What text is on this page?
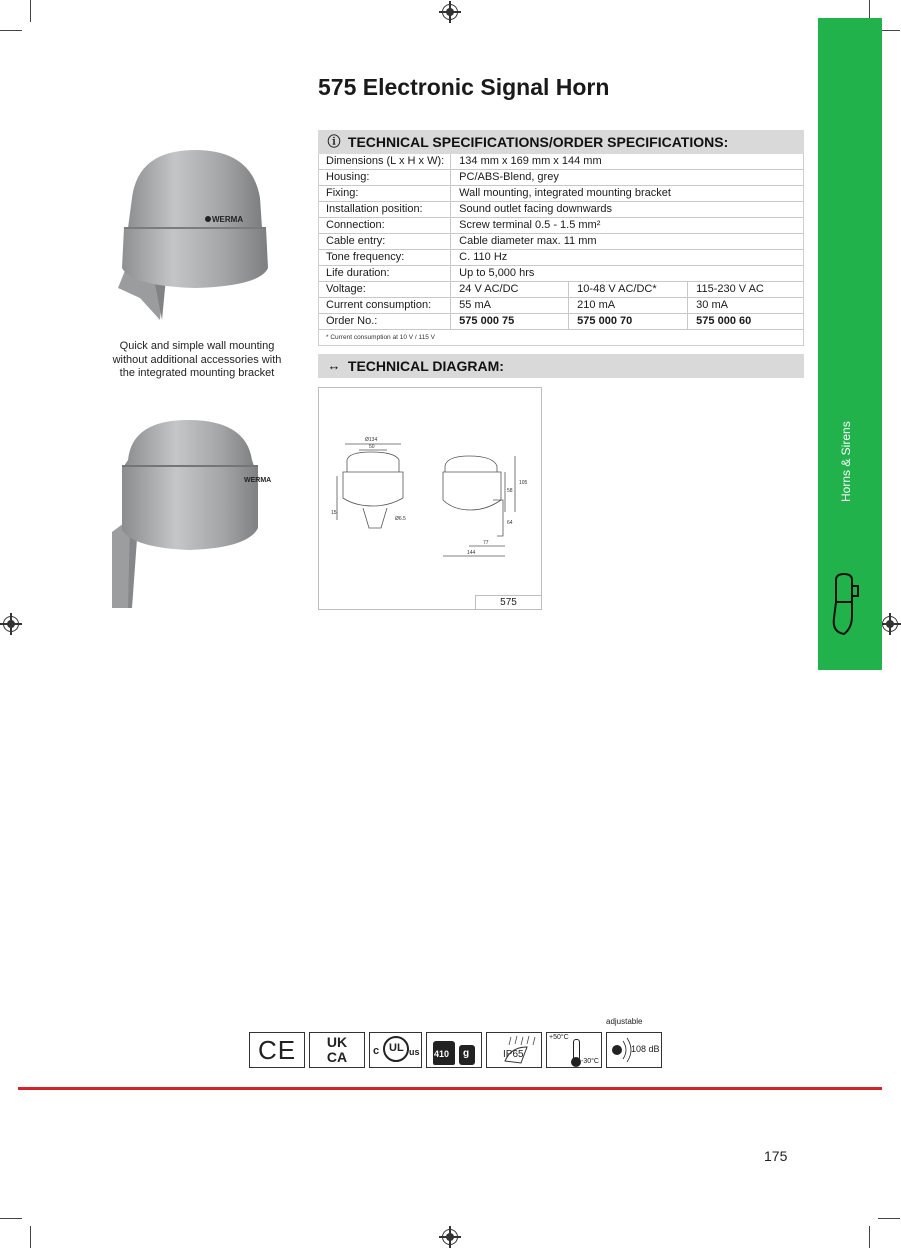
575 Electronic Signal Horn
WERMA
Quick and simple wall mounting
without additional accessories with
the integrated mounting bracket
WERMA
ⓘ TECHNICAL SPECIFICATIONS/ORDER SPECIFICATIONS:
Dimensions (L x H x W):	134 mm x 169 mm x 144 mm		
Housing:	PC/ABS-Blend, grey		
Fixing:	Wall mounting, integrated mounting bracket		
Installation position:	Sound outlet facing downwards		
Connection:	Screw terminal 0.5 - 1.5 mm²		
Cable entry:	Cable diameter max. 11 mm		
Tone frequency:	C. 110 Hz		
Life duration:	Up to 5,000 hrs		
Voltage:	24 V AC/DC	10-48 V AC/DC*	115-230 V AC
Current consumption:	55 mA	210 mA	30 mA
Order No.:	575 000 75	575 000 70	575 000 60
* Current consumption at 10 V / 115 V
↔ TECHNICAL DIAGRAM:
Ø134
50
15
Ø6.5
105
58
64
77
144
575
Horns & Sirens
CE	UK
CA	c UL us 410 g	IP65
+50°C
-30°C
adjustable
108 dB
175
